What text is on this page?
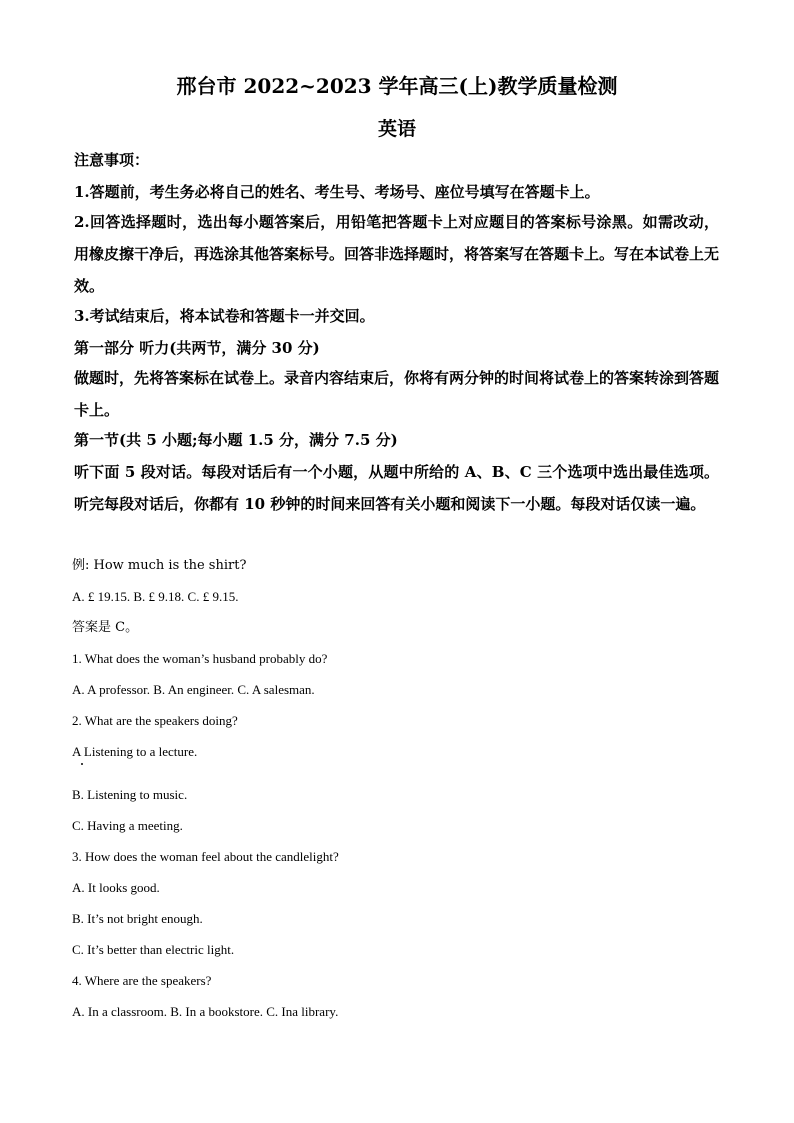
邢台市 2022~2023 学年高三(上)教学质量检测
英语
注意事项：
1.答题前，考生务必将自己的姓名、考生号、考场号、座位号填写在答题卡上。
2.回答选择题时，选出每小题答案后，用铅笔把答题卡上对应题目的答案标号涂黑。如需改动，用橡皮擦干净后，再选涂其他答案标号。回答非选择题时，将答案写在答题卡上。写在本试卷上无效。
3.考试结束后，将本试卷和答题卡一并交回。
第一部分 听力(共两节，满分 30 分)
做题时，先将答案标在试卷上。录音内容结束后，你将有两分钟的时间将试卷上的答案转涂到答题卡上。
第一节(共 5 小题;每小题 1.5 分，满分 7.5 分)
听下面 5 段对话。每段对话后有一个小题，从题中所给的 A、B、C 三个选项中选出最佳选项。听完每段对话后，你都有 10 秒钟的时间来回答有关小题和阅读下一小题。每段对话仅读一遍。
例: How much is the shirt?
A. £ 19.15. B. £ 9.18. C. £ 9.15.
答案是 C。
1. What does the woman’s husband probably do?
A. A professor. B. An engineer. C. A salesman.
2. What are the speakers doing?
A Listening to a lecture.
B. Listening to music.
C. Having a meeting.
3. How does the woman feel about the candlelight?
A. It looks good.
B. It’s not bright enough.
C. It’s better than electric light.
4. Where are the speakers?
A. In a classroom. B. In a bookstore. C. Ina library.
